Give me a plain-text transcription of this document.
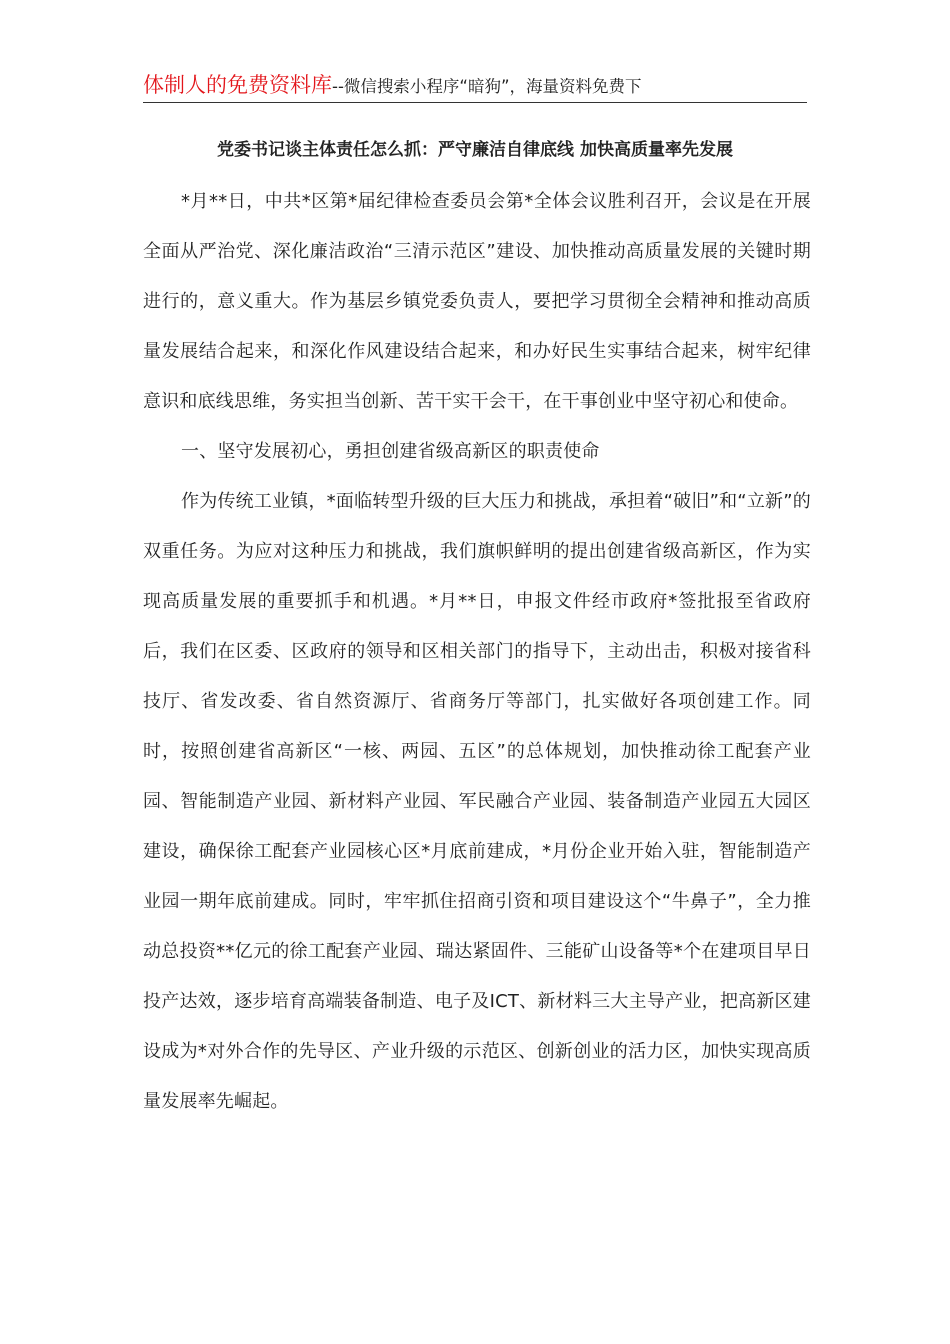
体制人的免费资料库--微信搜索小程序“暗狗”，海量资料免费下
党委书记谈主体责任怎么抓：严守廉洁自律底线 加快高质量率先发展

*月**日，中共*区第*届纪律检查委员会第*全体会议胜利召开，会议是在开展全面从严治党、深化廉洁政治“三清示范区”建设、加快推动高质量发展的关键时期进行的，意义重大。作为基层乡镇党委负责人，要把学习贯彻全会精神和推动高质量发展结合起来，和深化作风建设结合起来，和办好民生实事结合起来，树牢纪律意识和底线思维，务实担当创新、苦干实干会干，在干事创业中坚守初心和使命。

一、坚守发展初心，勇担创建省级高新区的职责使命

作为传统工业镇，*面临转型升级的巨大压力和挑战，承担着“破旧”和“立新”的双重任务。为应对这种压力和挑战，我们旗帜鲜明的提出创建省级高新区，作为实现高质量发展的重要抓手和机遇。*月**日，申报文件经市政府*签批报至省政府后，我们在区委、区政府的领导和区相关部门的指导下，主动出击，积极对接省科技厅、省发改委、省自然资源厅、省商务厅等部门，扎实做好各项创建工作。同时，按照创建省高新区“一核、两园、五区”的总体规划，加快推动徐工配套产业园、智能制造产业园、新材料产业园、军民融合产业园、装备制造产业园五大园区建设，确保徐工配套产业园核心区*月底前建成，*月份企业开始入驻，智能制造产业园一期年底前建成。同时，牢牢抓住招商引资和项目建设这个“牛鼻子”，全力推动总投资**亿元的徐工配套产业园、瑞达紧固件、三能矿山设备等*个在建项目早日投产达效，逐步培育高端装备制造、电子及ICT、新材料三大主导产业，把高新区建设成为*对外合作的先导区、产业升级的示范区、创新创业的活力区，加快实现高质量发展率先崛起。
